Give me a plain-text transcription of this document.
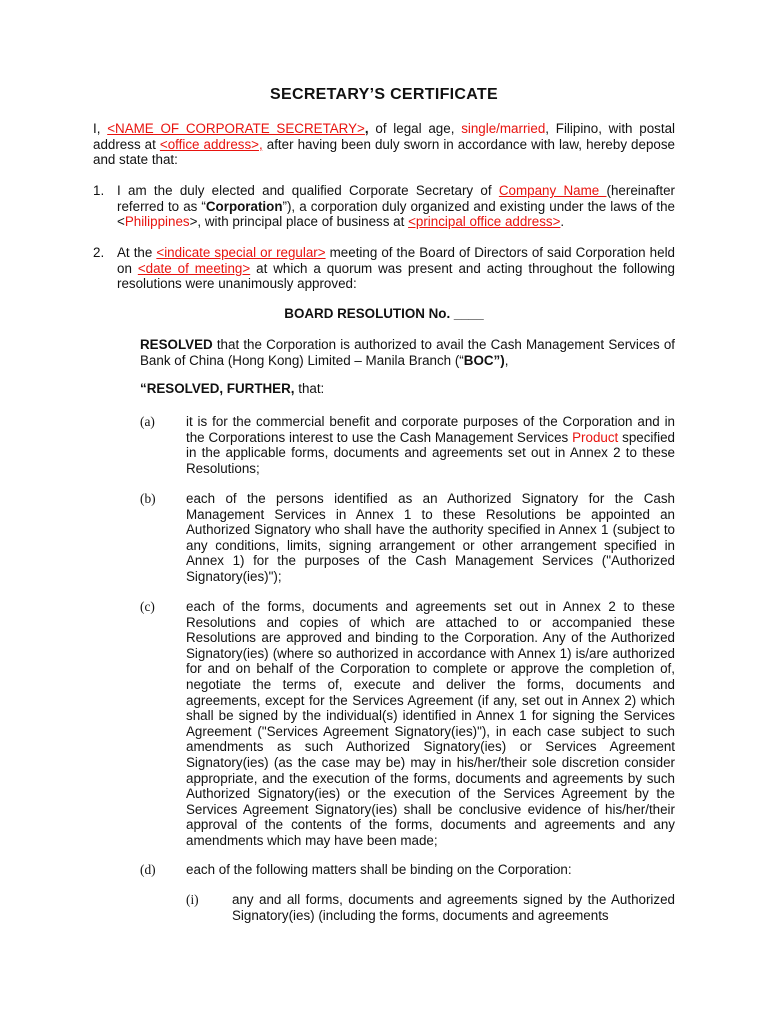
SECRETARY’S CERTIFICATE
I, <NAME OF CORPORATE SECRETARY>, of legal age, single/married, Filipino, with postal address at <office address>, after having been duly sworn in accordance with law, hereby depose and state that:
1. I am the duly elected and qualified Corporate Secretary of Company Name (hereinafter referred to as “Corporation”), a corporation duly organized and existing under the laws of the <Philippines>, with principal place of business at <principal office address>.
2. At the <indicate special or regular> meeting of the Board of Directors of said Corporation held on <date of meeting> at which a quorum was present and acting throughout the following resolutions were unanimously approved:
BOARD RESOLUTION No. ____
RESOLVED that the Corporation is authorized to avail the Cash Management Services of Bank of China (Hong Kong) Limited – Manila Branch (“BOC”),
“RESOLVED, FURTHER, that:
(a)	it is for the commercial benefit and corporate purposes of the Corporation and in the Corporations interest to use the Cash Management Services Product specified in the applicable forms, documents and agreements set out in Annex 2 to these Resolutions;
(b)	each of the persons identified as an Authorized Signatory for the Cash Management Services in Annex 1 to these Resolutions be appointed an Authorized Signatory who shall have the authority specified in Annex 1 (subject to any conditions, limits, signing arrangement or other arrangement specified in Annex 1) for the purposes of the Cash Management Services ("Authorized Signatory(ies)");
(c)	each of the forms, documents and agreements set out in Annex 2 to these Resolutions and copies of which are attached to or accompanied these Resolutions are approved and binding to the Corporation. Any of the Authorized Signatory(ies) (where so authorized in accordance with Annex 1) is/are authorized for and on behalf of the Corporation to complete or approve the completion of, negotiate the terms of, execute and deliver the forms, documents and agreements, except for the Services Agreement (if any, set out in Annex 2) which shall be signed by the individual(s) identified in Annex 1 for signing the Services Agreement ("Services Agreement Signatory(ies)"), in each case subject to such amendments as such Authorized Signatory(ies) or Services Agreement Signatory(ies) (as the case may be) may in his/her/their sole discretion consider appropriate, and the execution of the forms, documents and agreements by such Authorized Signatory(ies) or the execution of the Services Agreement by the Services Agreement Signatory(ies) shall be conclusive evidence of his/her/their approval of the contents of the forms, documents and agreements and any amendments which may have been made;
(d)	each of the following matters shall be binding on the Corporation:
(i)	any and all forms, documents and agreements signed by the Authorized Signatory(ies) (including the forms, documents and agreements
